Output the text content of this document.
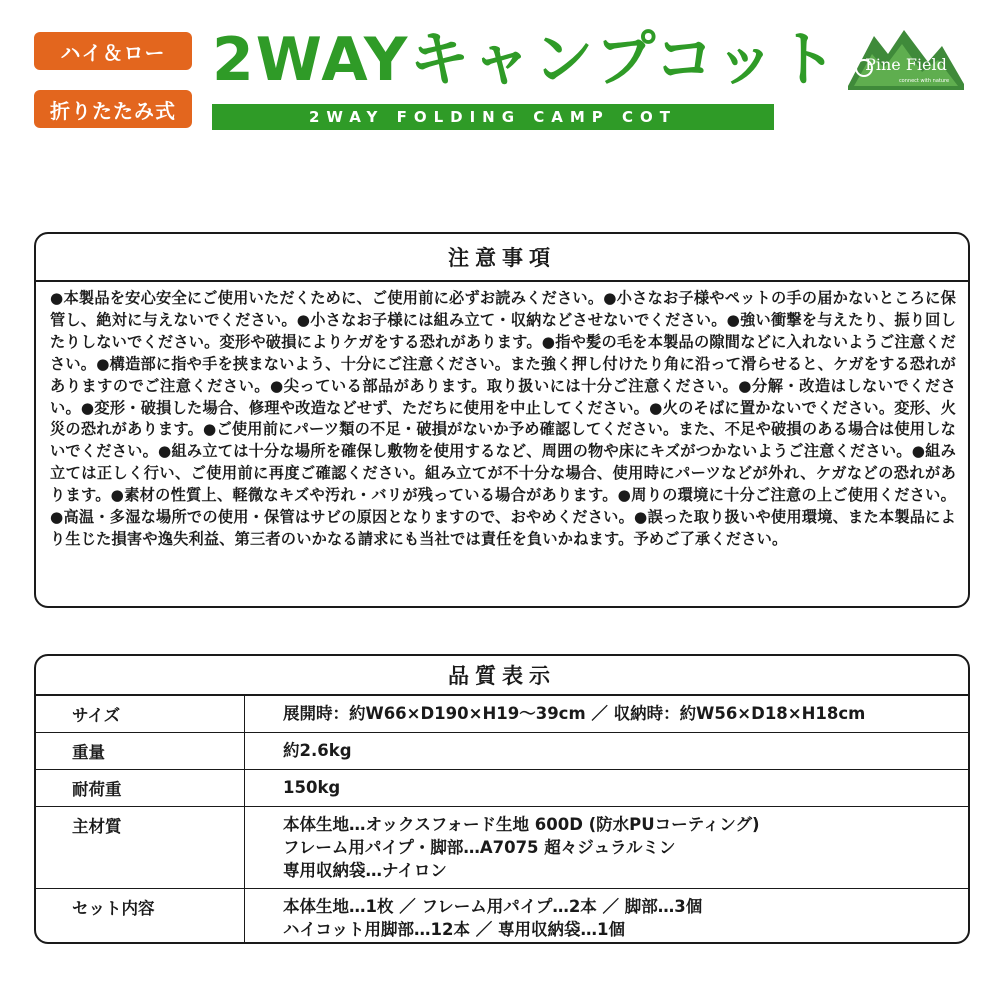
ハイ＆ロー
折りたたみ式
2WAYキャンプコット
2WAY FOLDING CAMP COT
Pine Field
connect with nature
注意事項
●本製品を安心安全にご使用いただくために、ご使用前に必ずお読みください。●小さなお子様やペットの手の届かないところに保管し、絶対に与えないでください。●小さなお子様には組み立て・収納などさせないでください。●強い衝撃を与えたり、振り回したりしないでください。変形や破損によりケガをする恐れがあります。●指や髪の毛を本製品の隙間などに入れないようご注意ください。●構造部に指や手を挟まないよう、十分にご注意ください。また強く押し付けたり角に沿って滑らせると、ケガをする恐れがありますのでご注意ください。●尖っている部品があります。取り扱いには十分ご注意ください。●分解・改造はしないでください。●変形・破損した場合、修理や改造などせず、ただちに使用を中止してください。●火のそばに置かないでください。変形、火災の恐れがあります。●ご使用前にパーツ類の不足・破損がないか予め確認してください。また、不足や破損のある場合は使用しないでください。●組み立ては十分な場所を確保し敷物を使用するなど、周囲の物や床にキズがつかないようご注意ください。●組み立ては正しく行い、ご使用前に再度ご確認ください。組み立てが不十分な場合、使用時にパーツなどが外れ、ケガなどの恐れがあります。●素材の性質上、軽微なキズや汚れ・バリが残っている場合があります。●周りの環境に十分ご注意の上ご使用ください。●高温・多湿な場所での使用・保管はサビの原因となりますので、おやめください。●誤った取り扱いや使用環境、また本製品により生じた損害や逸失利益、第三者のいかなる請求にも当社では責任を負いかねます。予めご了承ください。
品質表示
サイズ	展開時：約W66×D190×H19〜39cm ／ 収納時：約W56×D18×H18cm

重量	約2.6kg

耐荷重	150kg

主材質	本体生地…オックスフォード生地 600D (防水PUコーティング)
フレーム用パイプ・脚部…A7075 超々ジュラルミン
専用収納袋…ナイロン

セット内容	本体生地…1枚 ／ フレーム用パイプ…2本 ／ 脚部…3個
ハイコット用脚部…12本 ／ 専用収納袋…1個
